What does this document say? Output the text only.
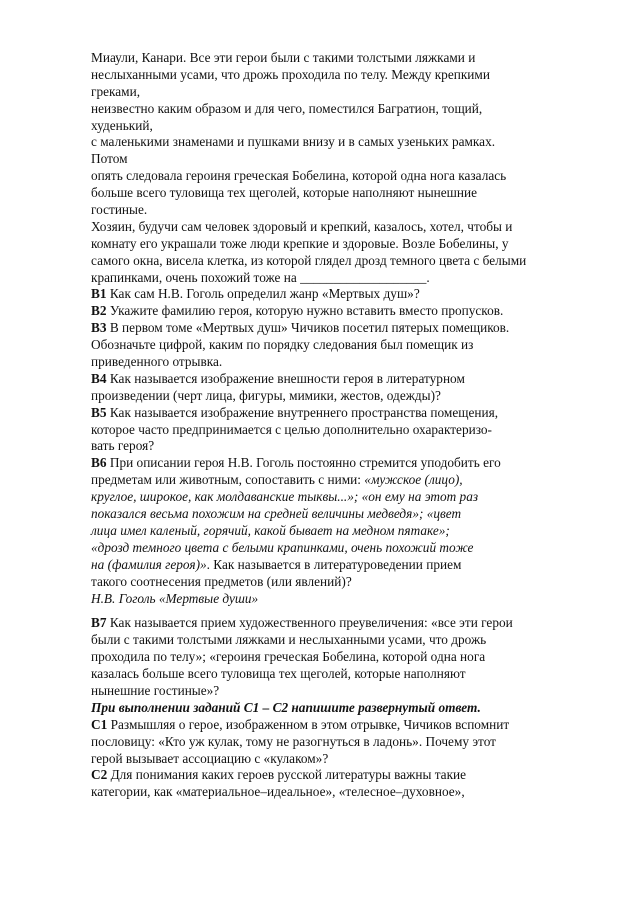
Миаули, Канари. Все эти герои были с такими толстыми ляжками и
неслыханными усами, что дрожь проходила по телу. Между крепкими
греками,
неизвестно каким образом и для чего, поместился Багратион, тощий,
худенький,
с маленькими знаменами и пушками внизу и в самых узеньких рамках.
Потом
опять следовала героиня греческая Бобелина, которой одна нога казалась
больше всего туловища тех щеголей, которые наполняют нынешние
гостиные.
Хозяин, будучи сам человек здоровый и крепкий, казалось, хотел, чтобы и
комнату его украшали тоже люди крепкие и здоровые. Возле Бобелины, у
самого окна, висела клетка, из которой глядел дрозд темного цвета с белыми
крапинками, очень похожий тоже на ___________________.
B1 Как сам Н.В. Гоголь определил жанр «Мертвых душ»?
B2 Укажите фамилию героя, которую нужно вставить вместо пропусков.
B3 В первом томе «Мертвых душ» Чичиков посетил пятерых помещиков.
Обозначьте цифрой, каким по порядку следования был помещик из
приведенного отрывка.
B4 Как называется изображение внешности героя в литературном
произведении (черт лица, фигуры, мимики, жестов, одежды)?
B5 Как называется изображение внутреннего пространства помещения,
которое часто предпринимается с целью дополнительно охарактеризо-
вать героя?
B6 При описании героя Н.В. Гоголь постоянно стремится уподобить его
предметам или животным, сопоставить с ними: «мужское (лицо),
круглое, широкое, как молдаванские тыквы...»; «он ему на этот раз
показался весьма похожим на средней величины медведя»; «цвет
лица имел каленый, горячий, какой бывает на медном пятаке»;
«дрозд темного цвета с белыми крапинками, очень похожий тоже
на (фамилия героя)». Как называется в литературоведении прием
такого соотнесения предметов (или явлений)?
Н.В. Гоголь «Мертвые души»
B7 Как называется прием художественного преувеличения: «все эти герои
были с такими толстыми ляжками и неслыханными усами, что дрожь
проходила по телу»; «героиня греческая Бобелина, которой одна нога
казалась больше всего туловища тех щеголей, которые наполняют
нынешние гостиные»?
При выполнении заданий С1 – С2 напишите развернутый ответ.
C1 Размышляя о герое, изображенном в этом отрывке, Чичиков вспомнит
пословицу: «Кто уж кулак, тому не разогнуться в ладонь». Почему этот
герой вызывает ассоциацию с «кулаком»?
C2 Для понимания каких героев русской литературы важны такие
категории, как «материальное–идеальное», «телесное–духовное»,
